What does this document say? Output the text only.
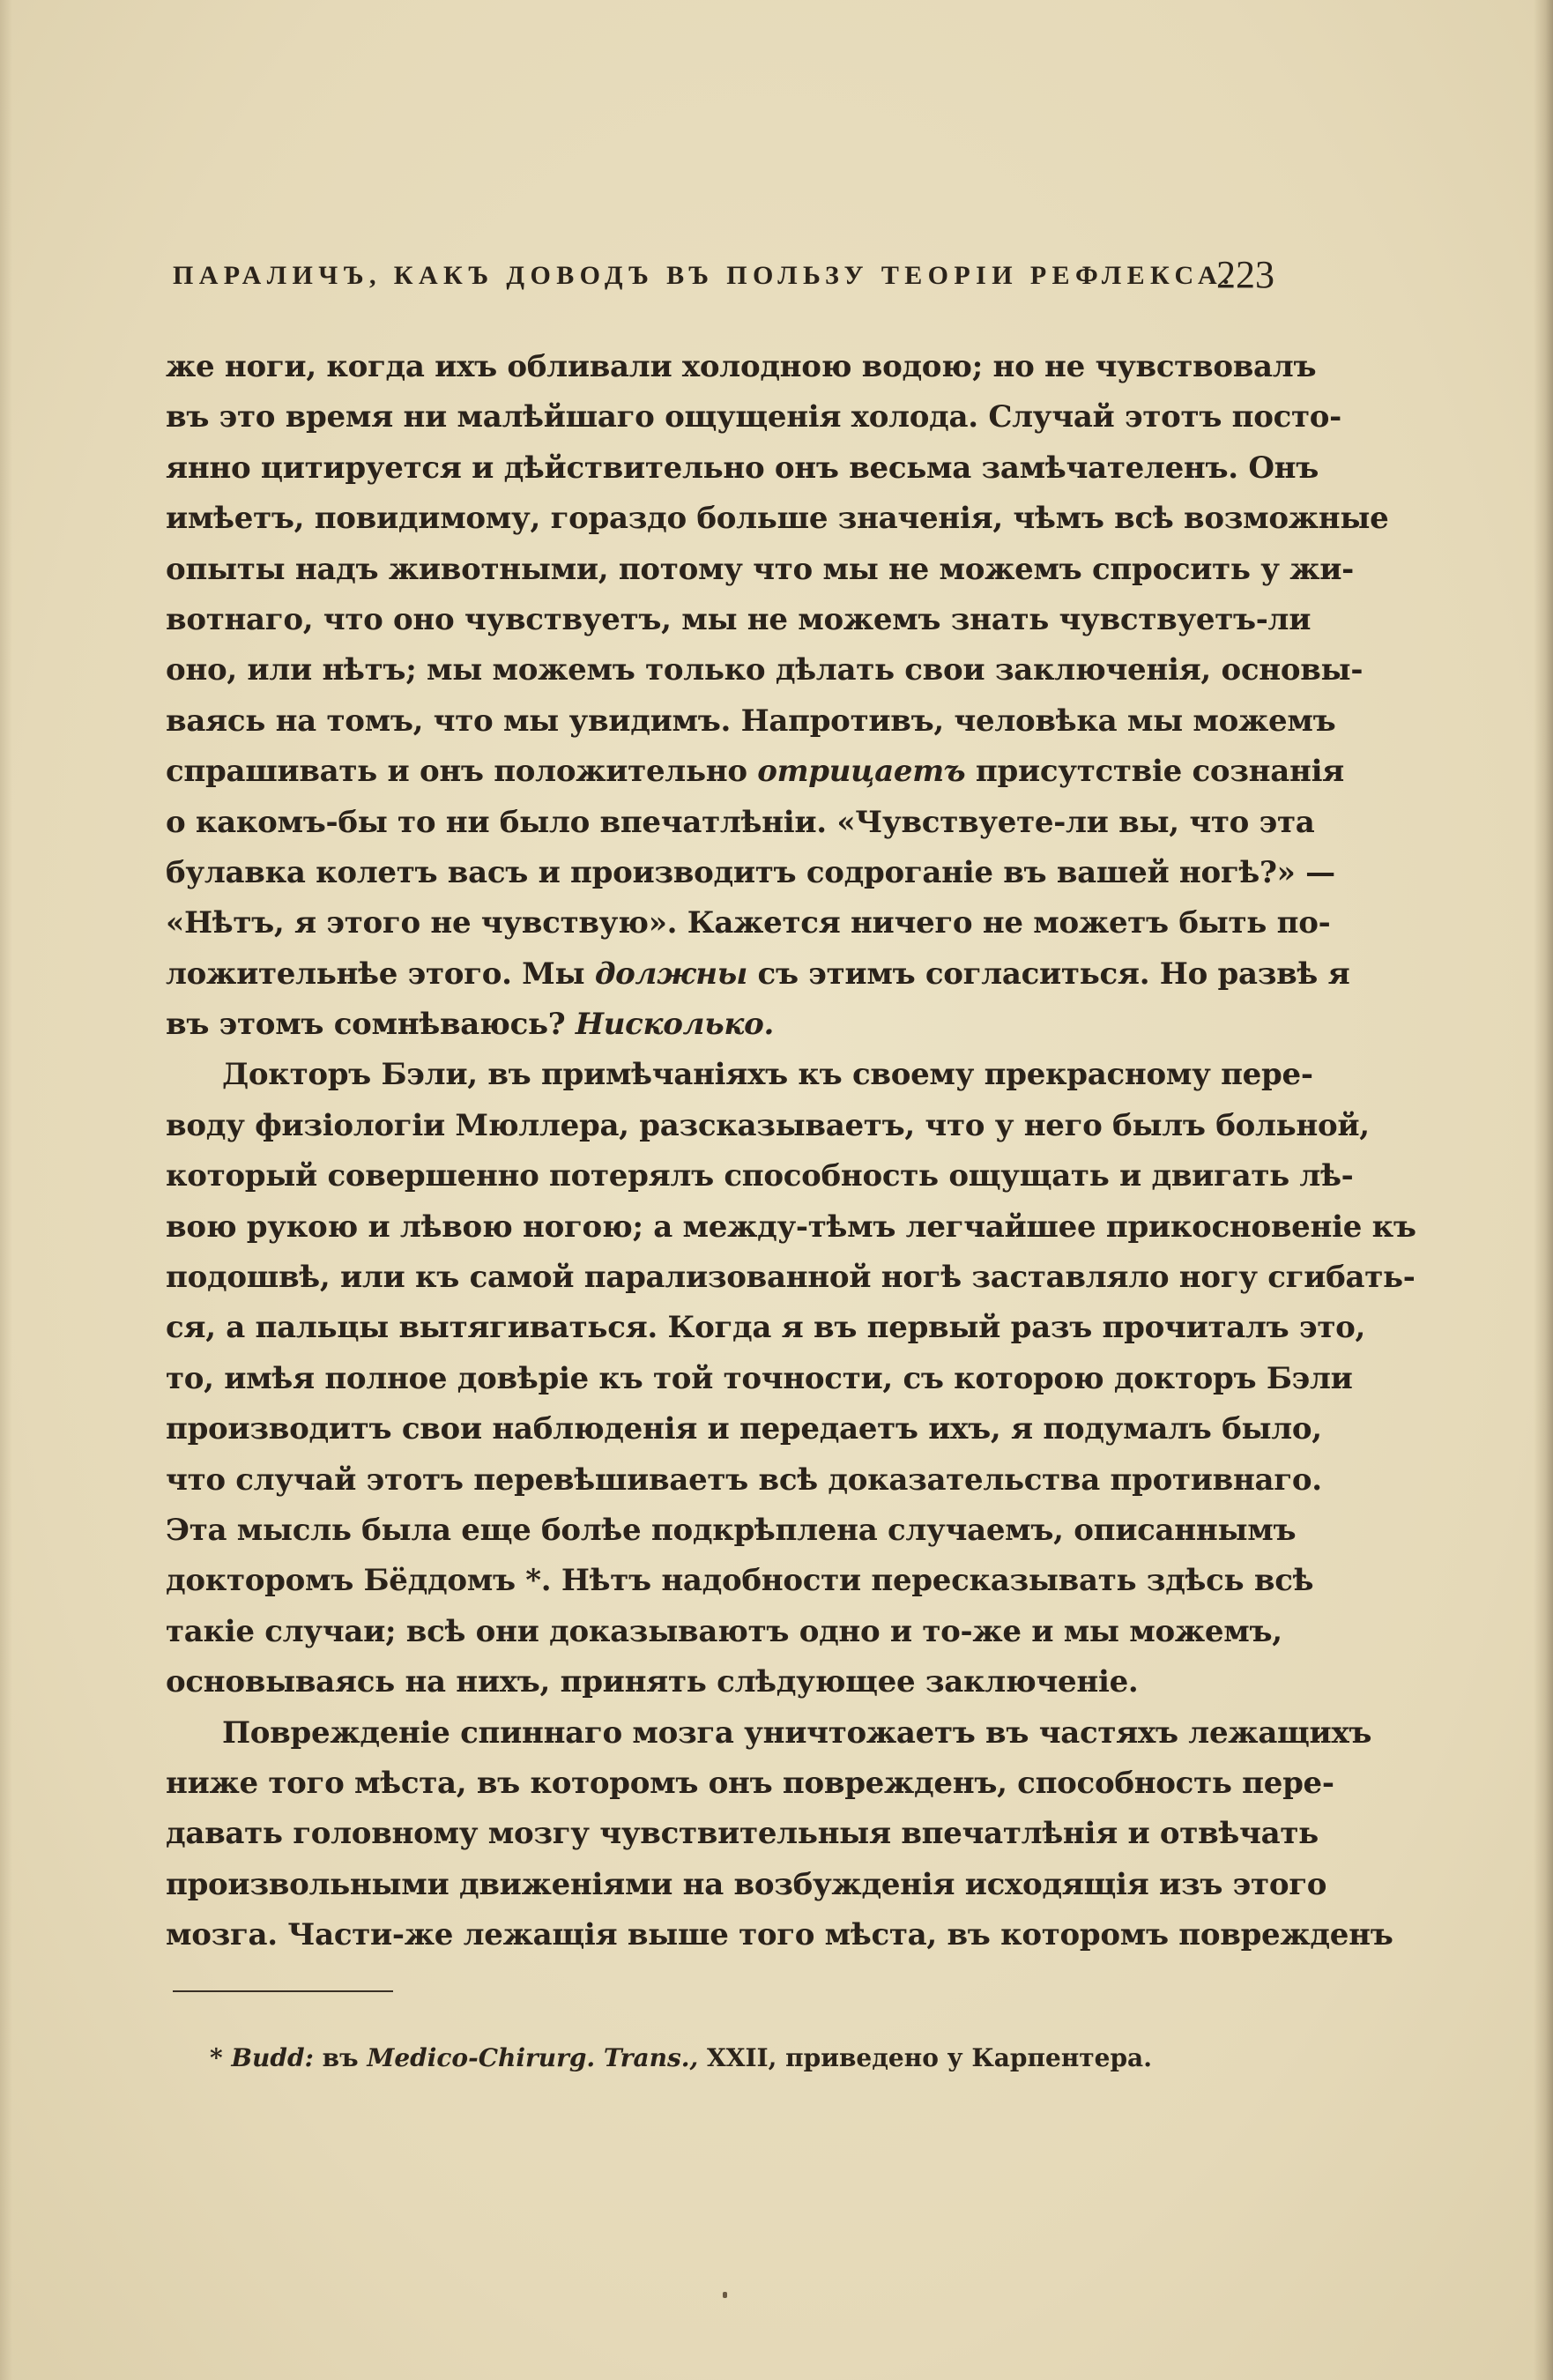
ПАРАЛИЧЪ, КАКЪ ДОВОДЪ ВЪ ПОЛЬЗУ ТЕОРІИ РЕФЛЕКСА.
223
же ноги, когда ихъ обливали холодною водою; но не чувствовалъ
въ это время ни малѣйшаго ощущенія холода. Случай этотъ посто-
янно цитируется и дѣйствительно онъ весьма замѣчателенъ. Онъ
имѣетъ, повидимому, гораздо больше значенія, чѣмъ всѣ возможные
опыты надъ животными, потому что мы не можемъ спросить у жи-
вотнаго, что оно чувствуетъ, мы не можемъ знать чувствуетъ-ли
оно, или нѣтъ; мы можемъ только дѣлать свои заключенія, основы-
ваясь на томъ, что мы увидимъ. Напротивъ, человѣка мы можемъ
спрашивать и онъ положительно отрицаетъ присутствіе сознанія
о какомъ-бы то ни было впечатлѣніи. «Чувствуете-ли вы, что эта
булавка колетъ васъ и производитъ содроганіе въ вашей ногѣ?» —
«Нѣтъ, я этого не чувствую». Кажется ничего не можетъ быть по-
ложительнѣе этого. Мы должны съ этимъ согласиться. Но развѣ я
въ этомъ сомнѣваюсь? Нисколько.
Докторъ Бэли, въ примѣчаніяхъ къ своему прекрасному пере-
воду физіологіи Мюллера, разсказываетъ, что у него былъ больной,
который совершенно потерялъ способность ощущать и двигать лѣ-
вою рукою и лѣвою ногою; а между-тѣмъ легчайшее прикосновеніе къ
подошвѣ, или къ самой парализованной ногѣ заставляло ногу сгибать-
ся, а пальцы вытягиваться. Когда я въ первый разъ прочиталъ это,
то, имѣя полное довѣріе къ той точности, съ которою докторъ Бэли
производитъ свои наблюденія и передаетъ ихъ, я подумалъ было,
что случай этотъ перевѣшиваетъ всѣ доказательства противнаго.
Эта мысль была еще болѣе подкрѣплена случаемъ, описаннымъ
докторомъ Бёддомъ *. Нѣтъ надобности пересказывать здѣсь всѣ
такіе случаи; всѣ они доказываютъ одно и то-же и мы можемъ,
основываясь на нихъ, принять слѣдующее заключеніе.
Поврежденіе спиннаго мозга уничтожаетъ въ частяхъ лежащихъ
ниже того мѣста, въ которомъ онъ поврежденъ, способность пере-
давать головному мозгу чувствительныя впечатлѣнія и отвѣчать
произвольными движеніями на возбужденія исходящія изъ этого
мозга. Части-же лежащія выше того мѣста, въ которомъ поврежденъ
* Budd: въ Medico-Chirurg. Trans., XXII, приведено у Карпентера.
